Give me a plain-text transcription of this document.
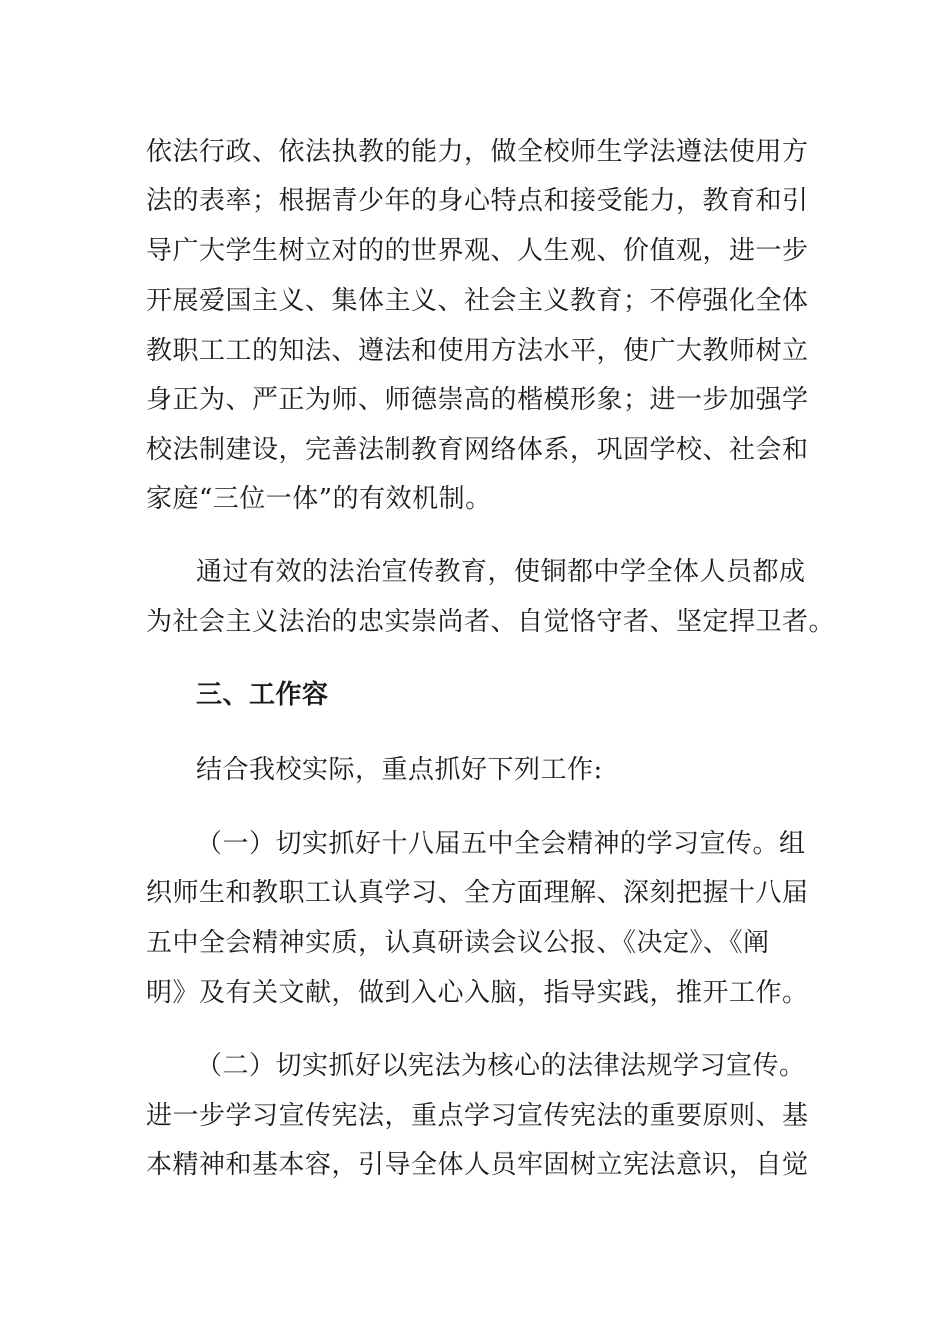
依法行政、依法执教的能力，做全校师生学法遵法使用方
法的表率；根据青少年的身心特点和接受能力，教育和引
导广大学生树立对的的世界观、人生观、价值观，进一步
开展爱国主义、集体主义、社会主义教育；不停强化全体
教职工工的知法、遵法和使用方法水平，使广大教师树立
身正为、严正为师、师德崇高的楷模形象；进一步加强学
校法制建设，完善法制教育网络体系，巩固学校、社会和
家庭“三位一体”的有效机制。
通过有效的法治宣传教育，使铜都中学全体人员都成
为社会主义法治的忠实崇尚者、自觉恪守者、坚定捍卫者。
三、工作容
结合我校实际，重点抓好下列工作:
（一）切实抓好十八届五中全会精神的学习宣传。组
织师生和教职工认真学习、全方面理解、深刻把握十八届
五中全会精神实质，认真研读会议公报、《决定》、《阐
明》及有关文献，做到入心入脑，指导实践，推开工作。
（二）切实抓好以宪法为核心的法律法规学习宣传。
进一步学习宣传宪法，重点学习宣传宪法的重要原则、基
本精神和基本容，引导全体人员牢固树立宪法意识，自觉
